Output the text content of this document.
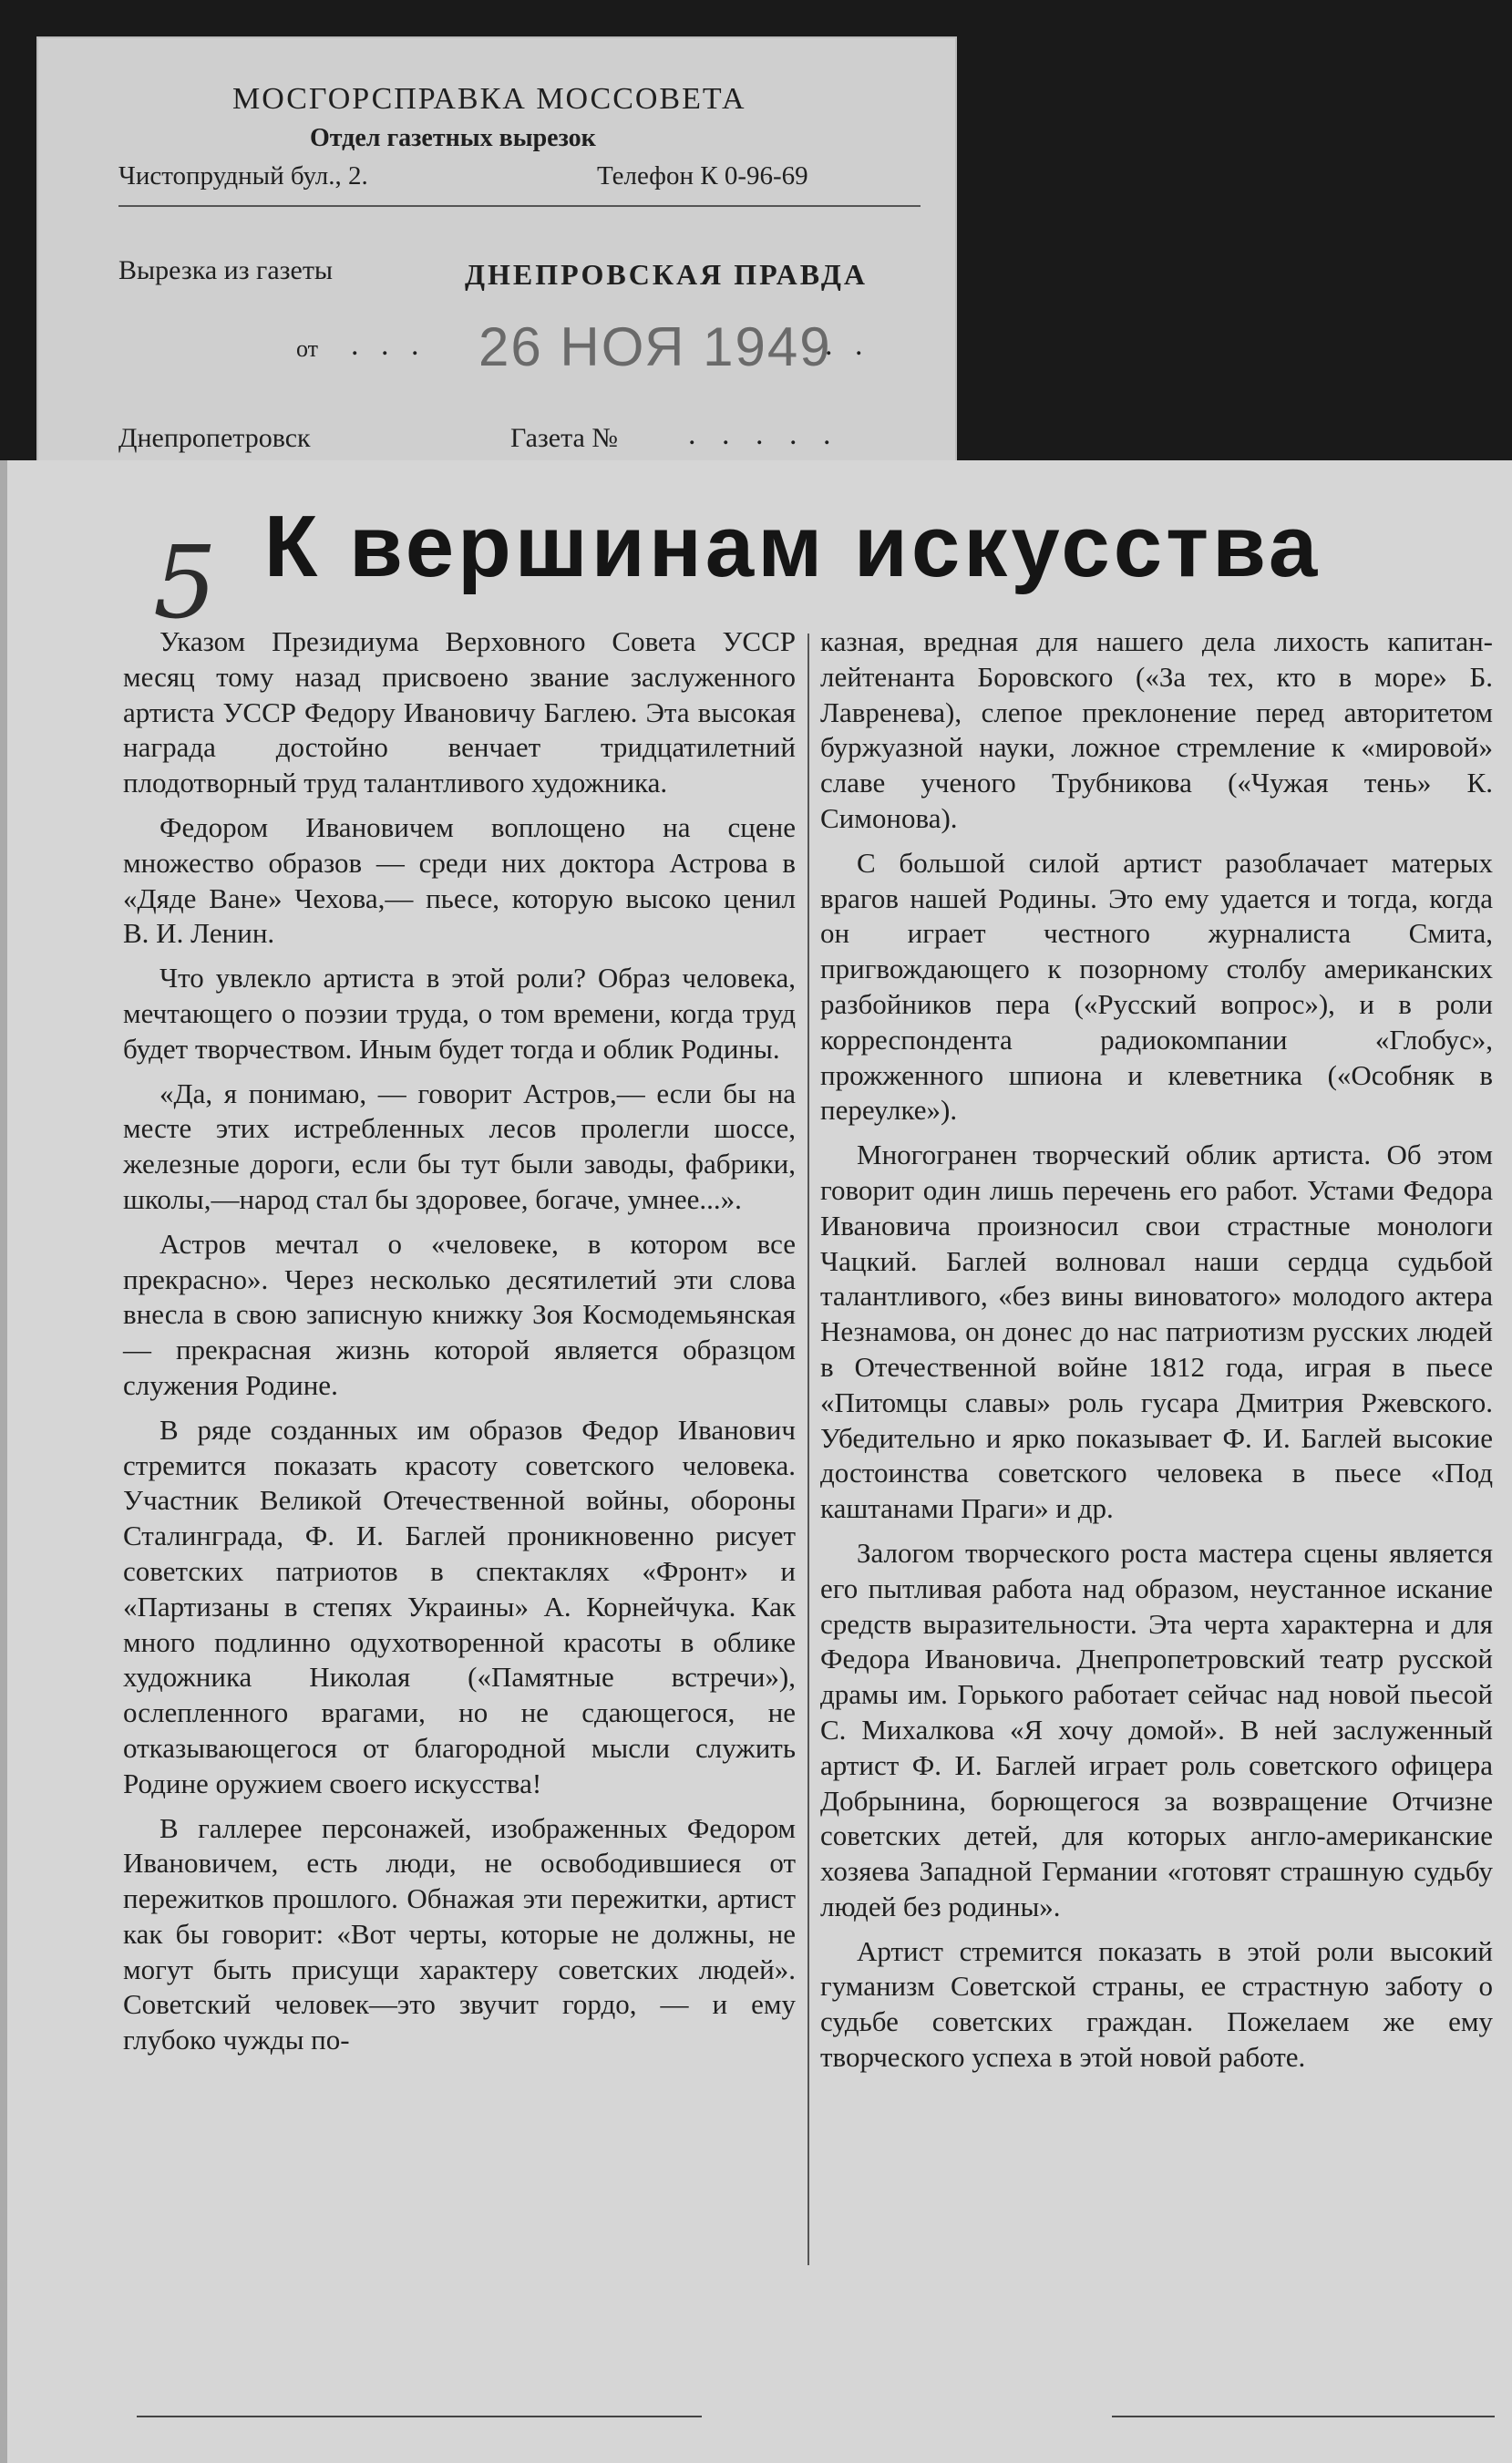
МОСГОРСПРАВКА МОССОВЕТА
Отдел газетных вырезок
Чистопрудный бул., 2.	Телефон К 0-96-69
Вырезка из газеты	ДНЕПРОВСКАЯ ПРАВДА
от . . . 26 НОЯ 1949
. .
Днепропетровск	Газета № . . . . .
5 К вершинам искусства

Указом Президиума Верховного Совета УССР месяц тому назад присвоено звание заслуженного артиста УССР Федору Ивановичу Баглею. Эта высокая награда достойно венчает тридцатилетний плодотворный труд талантливого художника.

Федором Ивановичем воплощено на сцене множество образов — среди них доктора Астрова в «Дяде Ване» Чехова,— пьесе, которую высоко ценил В. И. Ленин.

Что увлекло артиста в этой роли? Образ человека, мечтающего о поэзии труда, о том времени, когда труд будет творчеством. Иным будет тогда и облик Родины.

«Да, я понимаю, — говорит Астров,— если бы на месте этих истребленных лесов пролегли шоссе, железные дороги, если бы тут были заводы, фабрики, школы,—народ стал бы здоровее, богаче, умнее...».

Астров мечтал о «человеке, в котором все прекрасно». Через несколько десятилетий эти слова внесла в свою записную книжку Зоя Космодемьянская — прекрасная жизнь которой является образцом служения Родине.

В ряде созданных им образов Федор Иванович стремится показать красоту советского человека. Участник Великой Отечественной войны, обороны Сталинграда, Ф. И. Баглей проникновенно рисует советских патриотов в спектаклях «Фронт» и «Партизаны в степях Украины» А. Корнейчука. Как много подлинно одухотворенной красоты в облике художника Николая («Памятные встречи»), ослепленного врагами, но не сдающегося, не отказывающегося от благородной мысли служить Родине оружием своего искусства!

В галлерее персонажей, изображенных Федором Ивановичем, есть люди, не освободившиеся от пережитков прошлого. Обнажая эти пережитки, артист как бы говорит: «Вот черты, которые не должны, не могут быть присущи характеру советских людей». Советский человек—это звучит гордо, — и ему глубоко чужды по-

казная, вредная для нашего дела лихость капитан-лейтенанта Боровского («За тех, кто в море» Б. Лавренева), слепое преклонение перед авторитетом буржуазной науки, ложное стремление к «мировой» славе ученого Трубникова («Чужая тень» К. Симонова).

С большой силой артист разоблачает матерых врагов нашей Родины. Это ему удается и тогда, когда он играет честного журналиста Смита, пригвождающего к позорному столбу американских разбойников пера («Русский вопрос»), и в роли корреспондента радиокомпании «Глобус», прожженного шпиона и клеветника («Особняк в переулке»).

Многогранен творческий облик артиста. Об этом говорит один лишь перечень его работ. Устами Федора Ивановича произносил свои страстные монологи Чацкий. Баглей волновал наши сердца судьбой талантливого, «без вины виноватого» молодого актера Незнамова, он донес до нас патриотизм русских людей в Отечественной войне 1812 года, играя в пьесе «Питомцы славы» роль гусара Дмитрия Ржевского. Убедительно и ярко показывает Ф. И. Баглей высокие достоинства советского человека в пьесе «Под каштанами Праги» и др.

Залогом творческого роста мастера сцены является его пытливая работа над образом, неустанное искание средств выразительности. Эта черта характерна и для Федора Ивановича. Днепропетровский театр русской драмы им. Горького работает сейчас над новой пьесой С. Михалкова «Я хочу домой». В ней заслуженный артист Ф. И. Баглей играет роль советского офицера Добрынина, борющегося за возвращение Отчизне советских детей, для которых англо-американские хозяева Западной Германии «готовят страшную судьбу людей без родины».

Артист стремится показать в этой роли высокий гуманизм Советской страны, ее страстную заботу о судьбе советских граждан. Пожелаем же ему творческого успеха в этой новой работе.
